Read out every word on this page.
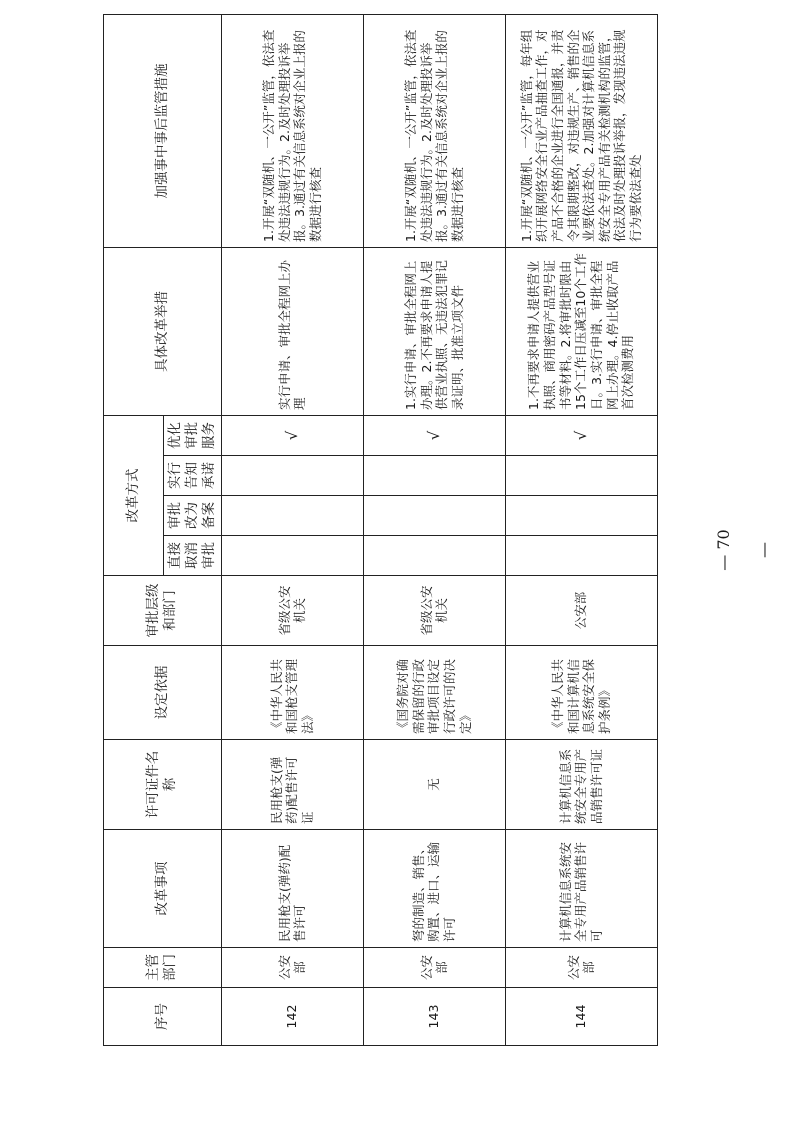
序号	主管部门	改革事项	许可证件名称	设定依据	审批层级和部门	改革方式				具体改革举措	加强事中事后监管措施
						直接取消审批	审批改为备案	实行告知承诺	优化审批服务		
142	公安部	民用枪支(弹药)配售许可	民用枪支(弹药)配售许可证	《中华人民共和国枪支管理法》	省级公安机关				√	实行申请、审批全程网上办理	1.开展“双随机、一公开”监管，依法查处违法违规行为。2.及时处理投诉举报。3.通过有关信息系统对企业上报的数据进行核查
143	公安部	弩的制造、销售、购置、进口、运输许可	无	《国务院对确需保留的行政审批项目设定行政许可的决定》	省级公安机关				√	1.实行申请、审批全程网上办理。2.不再要求申请人提供营业执照、无违法犯罪记录证明、批准立项文件	1.开展“双随机、一公开”监管，依法查处违法违规行为。2.及时处理投诉举报。3.通过有关信息系统对企业上报的数据进行核查
144	公安部	计算机信息系统安全专用产品销售许可	计算机信息系统安全专用产品销售许可证	《中华人民共和国计算机信息系统安全保护条例》	公安部				√	1.不再要求申请人提供营业执照、商用密码产品型号证书等材料。2.将审批时限由15个工作日压减至10个工作日。3.实行申请、审批全程网上办理。4.停止收取产品首次检测费用	1.开展“双随机、一公开”监管，每年组织开展网络安全行业产品抽查工作，对产品不合格的企业进行全国通报，并责令其限期整改，对违规生产、销售的企业要依法查处。2.加强对计算机信息系统安全专用产品有关检测机构的监管，依法及时处理投诉举报，发现违法违规行为要依法查处
— 70 —
